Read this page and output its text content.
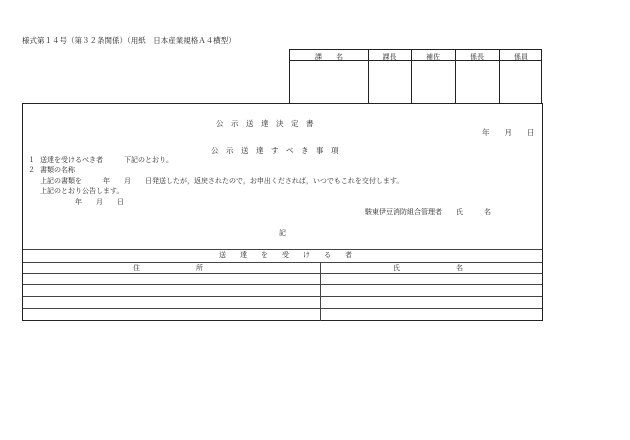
様式第１４号（第３２条関係）（用紙　日本産業規格Ａ４横型）
課　　名	課長	補佐	係長	係員
公　示　送　達　決　定　書
年　　月　　日
公　示　送　達　す　べ　き　事　項
１ 送達を受けるべき者　　　下記のとおり。
２ 書類の名称
上記の書類を　　　年　　月　　日発送したが，返戻されたので，お申出くだされば，いつでもこれを交付します。
上記のとおり公告します。
年　　月　　日
駿東伊豆消防組合管理者　　氏　　　名
記
送　　達　　を　　受　　け　　る　　者
住　　　　　　　　所	氏　　　　　　　　名
